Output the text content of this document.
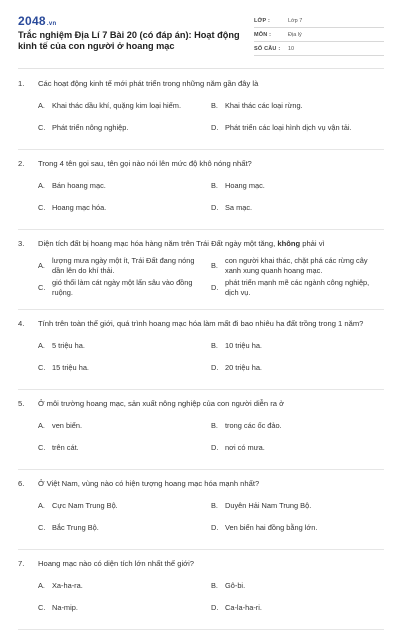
2048.vn
Trắc nghiệm Địa Lí 7 Bài 20 (có đáp án): Hoạt động kinh tế của con người ở hoang mạc
LỚP :	Lớp 7
MÔN :	Địa lý
SỐ CÂU :	10
1.	Các hoạt động kinh tế mới phát triển trong những năm gần đây là
A. Khai thác dầu khí, quặng kim loại hiếm.	B. Khai thác các loại rừng.
C. Phát triển nông nghiệp.	D. Phát triển các loại hình dịch vụ vận tải.
2.	Trong 4 tên gọi sau, tên gọi nào nói lên mức độ khô nóng nhất?
A. Bán hoang mạc.	B. Hoang mạc.
C. Hoang mạc hóa.	D. Sa mạc.
3.	Diện tích đất bị hoang mạc hóa hàng năm trên Trái Đất ngày một tăng, không phải vì
A.
lượng mưa ngày một ít, Trái Đất đang nóng dần lên do khí thải.
B.
con người khai thác, chặt phá các rừng cây xanh xung quanh hoang mạc.
C.
gió thổi làm cát ngày một lấn sâu vào đồng ruộng.
D.
phát triển mạnh mẽ các ngành công nghiệp, dịch vụ.
4.	Tính trên toàn thế giới, quá trình hoang mạc hóa làm mất đi bao nhiêu ha đất trồng trong 1 năm?
A. 5 triệu ha.	B. 10 triệu ha.
C. 15 triệu ha.	D. 20 triệu ha.
5.	Ở môi trường hoang mạc, sản xuất nông nghiệp của con người diễn ra ở
A. ven biển.	B. trong các ốc đảo.
C. trên cát.	D. nơi có mưa.
6.	Ở Việt Nam, vùng nào có hiện tượng hoang mạc hóa mạnh nhất?
A. Cực Nam Trung Bộ.	B. Duyên Hải Nam Trung Bộ.
C. Bắc Trung Bộ.	D. Ven biển hai đồng bằng lớn.
7.	Hoang mạc nào có diện tích lớn nhất thế giới?
A. Xa-ha-ra.	B. Gô-bi.
C. Na-mip.	D. Ca-la-ha-ri.
